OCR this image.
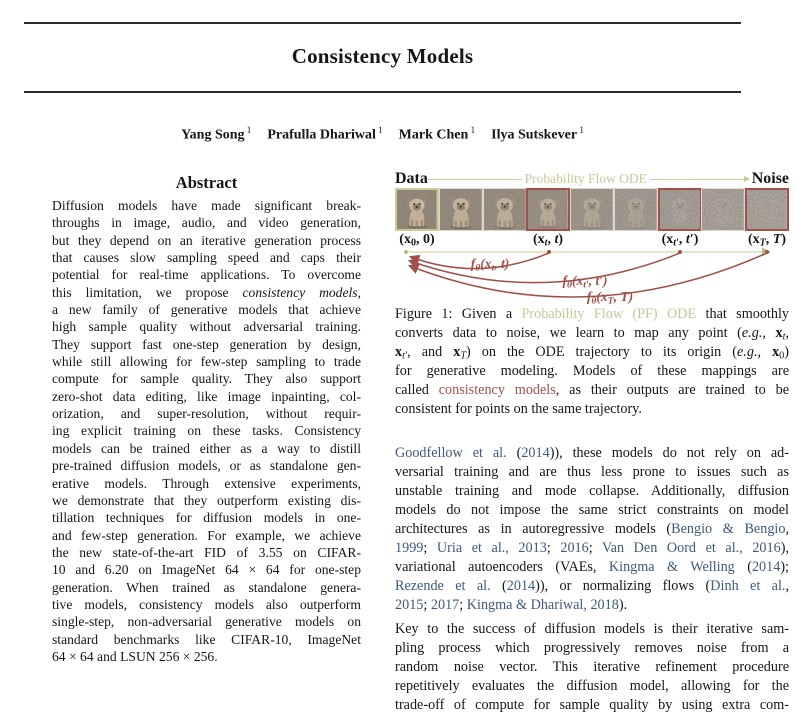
Consistency Models
Yang Song $^1$ Prafulla Dhariwal $^1$ Mark Chen $^1$ Ilya Sutskever $^1$
Abstract
Diffusion models have made significant break-
throughs in image, audio, and video generation,
but they depend on an iterative generation process
that causes slow sampling speed and caps their
potential for real-time applications. To overcome
this limitation, we propose consistency models,
a new family of generative models that achieve
high sample quality without adversarial training.
They support fast one-step generation by design,
while still allowing for few-step sampling to trade
compute for sample quality. They also support
zero-shot data editing, like image inpainting, col-
orization, and super-resolution, without requir-
ing explicit training on these tasks. Consistency
models can be trained either as a way to distill
pre-trained diffusion models, or as standalone gen-
erative models. Through extensive experiments,
we demonstrate that they outperform existing dis-
tillation techniques for diffusion models in one-
and few-step generation. For example, we achieve
the new state-of-the-art FID of 3.55 on CIFAR-
10 and 6.20 on ImageNet 64 × 64 for one-step
generation. When trained as standalone genera-
tive models, consistency models also outperform
single-step, non-adversarial generative models on
standard benchmarks like CIFAR-10, ImageNet
64 × 64 and LSUN 256 × 256.
Data	Probability Flow ODE	Noise
($x_0$, 0)	($x_t$, t)	($x_{t'}$, t′)	($x_T$, T)
$f_\theta(x_t$, t)
$f_\theta(x_{t'}$, t′)
$f_\theta(x_T$, T)
Figure 1: Given a Probability Flow (PF) ODE that smoothly
converts data to noise, we learn to map any point (e.g., $x_t$,
$x_{t'}$, and $x_T$) on the ODE trajectory to its origin (e.g., $x_0$)
for generative modeling. Models of these mappings are
called consistency models, as their outputs are trained to be
consistent for points on the same trajectory.
Goodfellow et al. (2014)), these models do not rely on ad-
versarial training and are thus less prone to issues such as
unstable training and mode collapse. Additionally, diffusion
models do not impose the same strict constraints on model
architectures as in autoregressive models (Bengio & Bengio,
1999; Uria et al., 2013; 2016; Van Den Oord et al., 2016),
variational autoencoders (VAEs, Kingma & Welling (2014);
Rezende et al. (2014)), or normalizing flows (Dinh et al.,
2015; 2017; Kingma & Dhariwal, 2018).
Key to the success of diffusion models is their iterative sam-
pling process which progressively removes noise from a
random noise vector. This iterative refinement procedure
repetitively evaluates the diffusion model, allowing for the
trade-off of compute for sample quality by using extra com-
